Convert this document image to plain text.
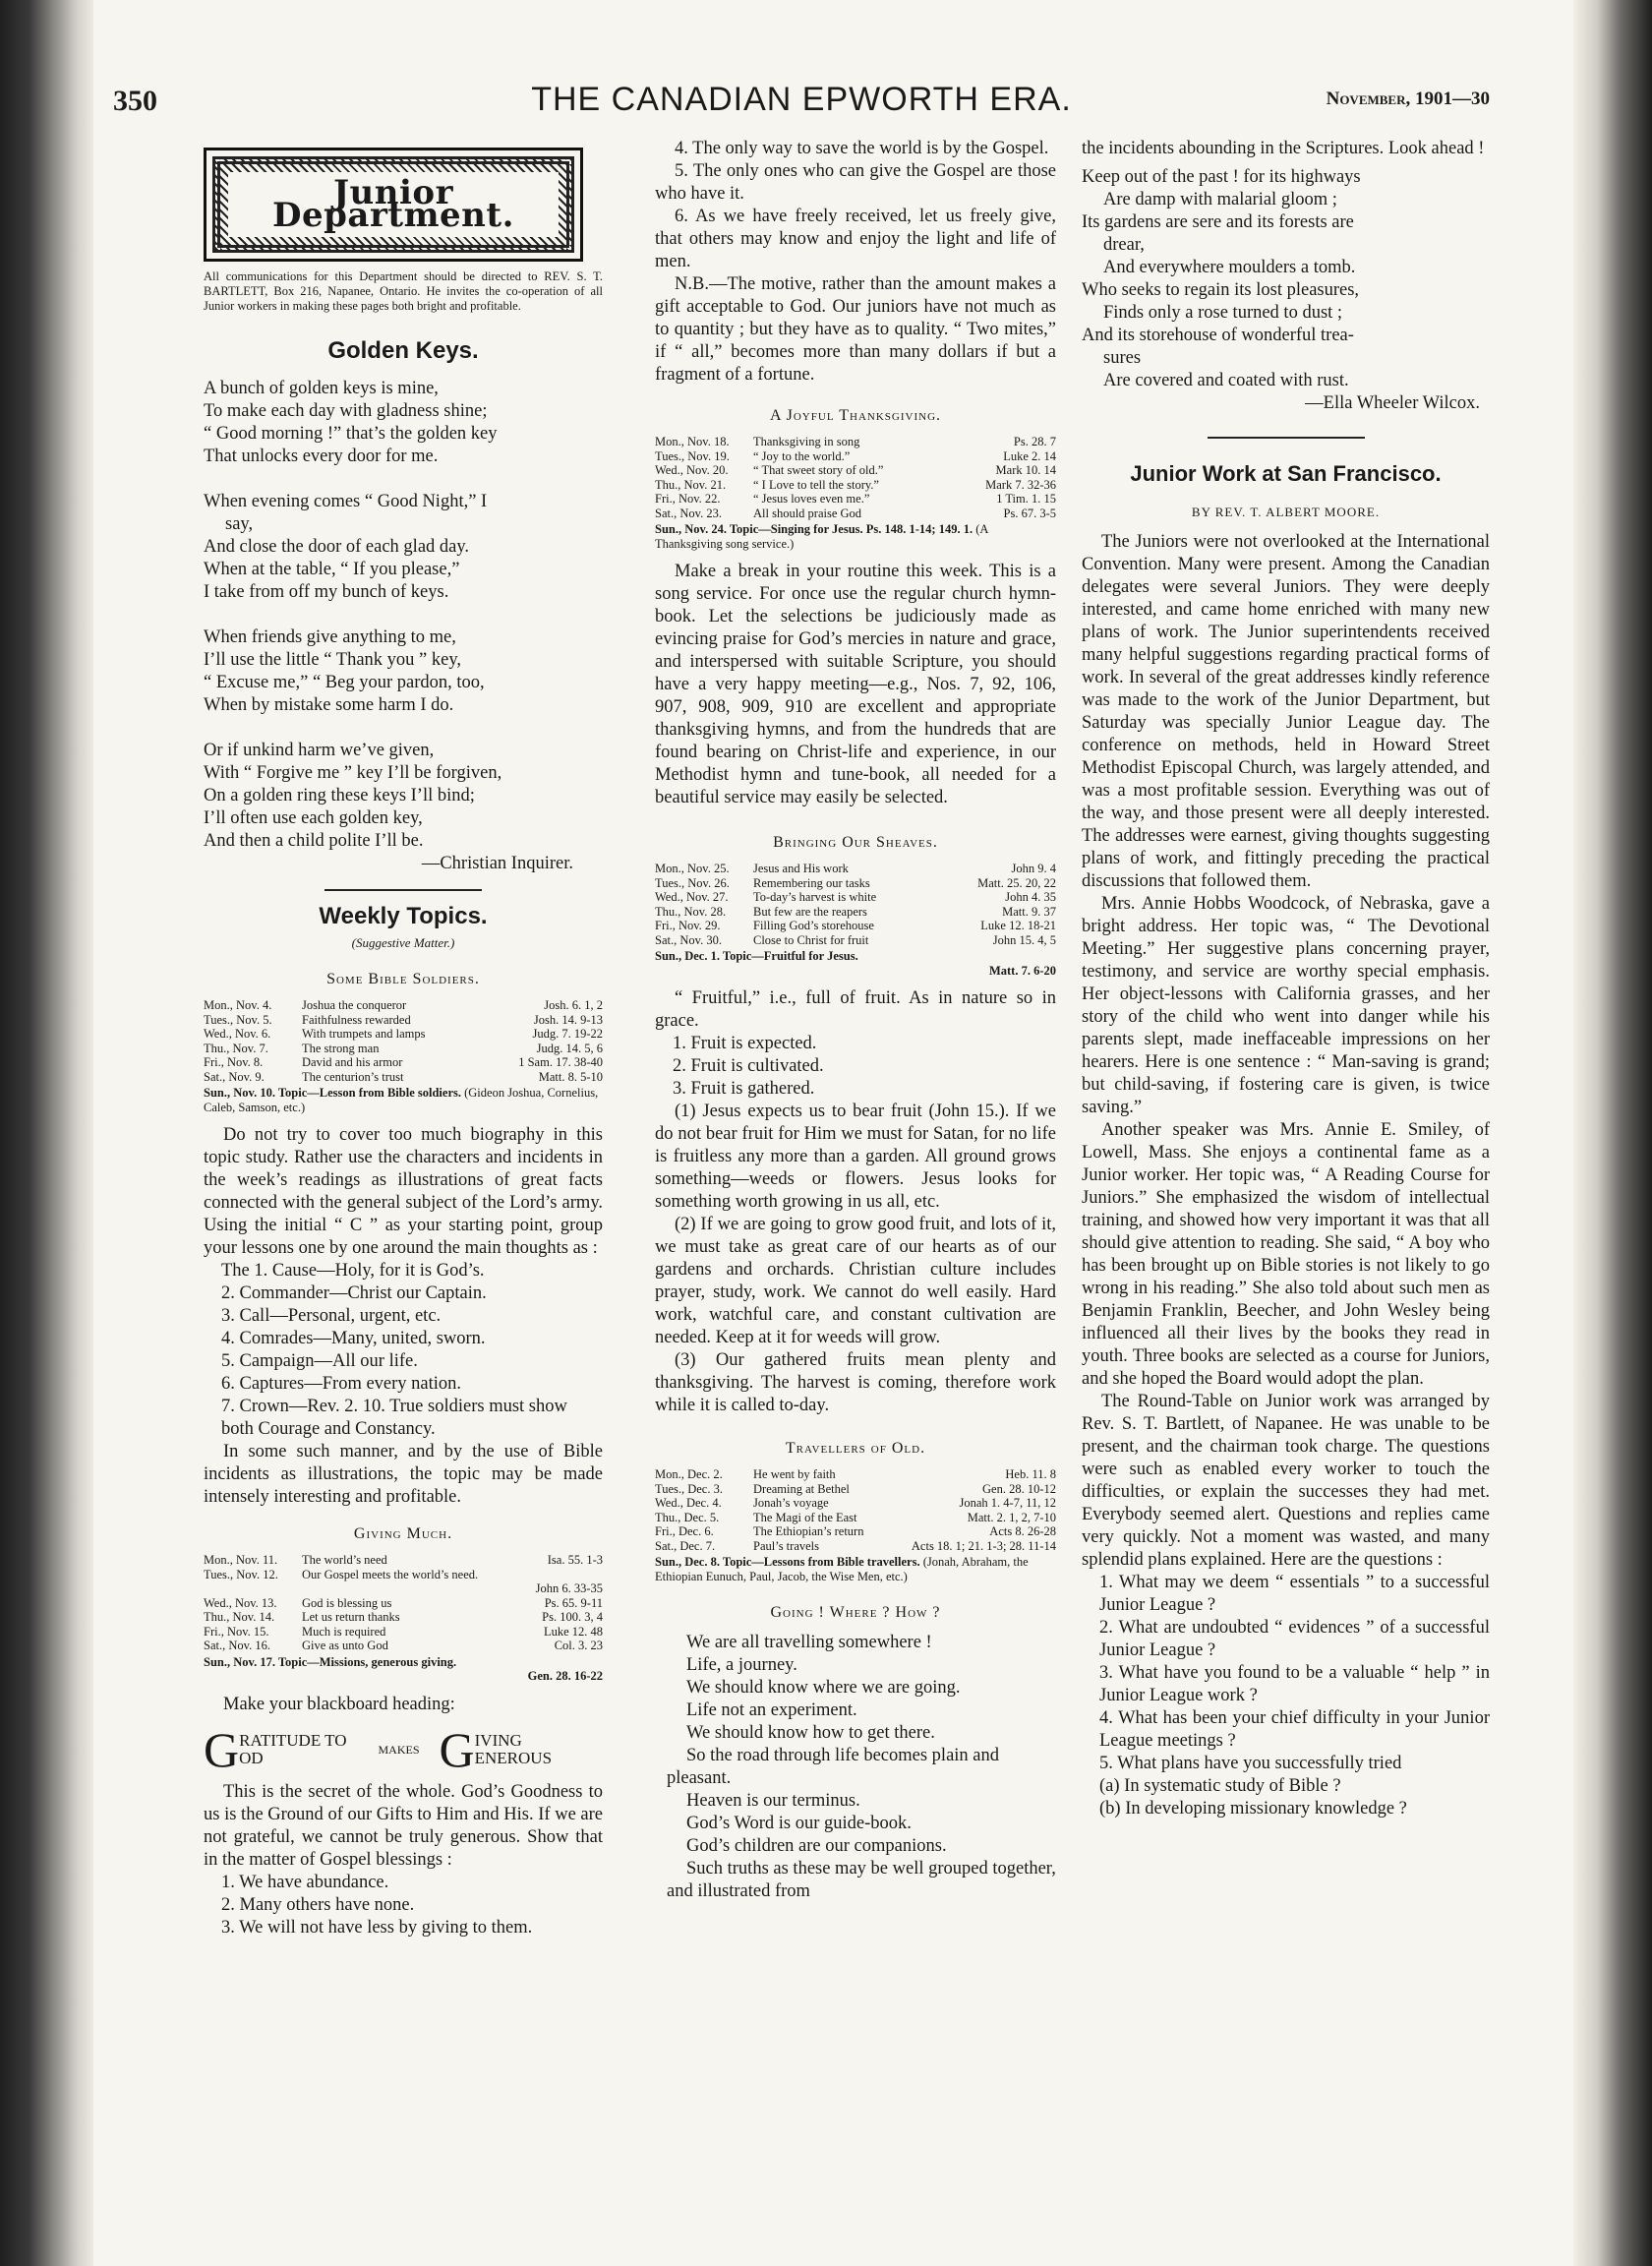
350	THE CANADIAN EPWORTH ERA.	November, 1901—30
Junior Department.
All communications for this Department should be directed to REV. S. T. BARTLETT, Box 216, Napanee, Ontario. He invites the co-operation of all Junior workers in making these pages both bright and profitable.
Golden Keys.

A bunch of golden keys is mine,

To make each day with gladness shine;

“ Good morning !” that’s the golden key

That unlocks every door for me.

When evening comes “ Good Night,” I

say,

And close the door of each glad day.

When at the table, “ If you please,”

I take from off my bunch of keys.

When friends give anything to me,

I’ll use the little “ Thank you ” key,

“ Excuse me,” “ Beg your pardon, too,

When by mistake some harm I do.

Or if unkind harm we’ve given,

With “ Forgive me ” key I’ll be forgiven,

On a golden ring these keys I’ll bind;

I’ll often use each golden key,

And then a child polite I’ll be.

—Christian Inquirer.

Weekly Topics.
(Suggestive Matter.)
Some Bible Soldiers.
Mon., Nov. 4.	Joshua the conqueror	Josh. 6. 1, 2
Tues., Nov. 5.	Faithfulness rewarded	Josh. 14. 9-13
Wed., Nov. 6.	With trumpets and lamps	Judg. 7. 19-22
Thu., Nov. 7.	The strong man	Judg. 14. 5, 6
Fri., Nov. 8.	David and his armor	1 Sam. 17. 38-40
Sat., Nov. 9.	The centurion’s trust	Matt. 8. 5-10
Sun., Nov. 10. Topic—Lesson from Bible soldiers. (Gideon Joshua, Cornelius, Caleb, Samson, etc.)

Do not try to cover too much biography in this topic study. Rather use the characters and incidents in the week’s readings as illustrations of great facts connected with the general subject of the Lord’s army. Using the initial “ C ” as your starting point, group your lessons one by one around the main thoughts as :

The 1. Cause—Holy, for it is God’s.

2. Commander—Christ our Captain.

3. Call—Personal, urgent, etc.

4. Comrades—Many, united, sworn.

5. Campaign—All our life.

6. Captures—From every nation.

7. Crown—Rev. 2. 10. True soldiers must show both Courage and Constancy.

In some such manner, and by the use of Bible incidents as illustrations, the topic may be made intensely interesting and profitable.

Giving Much.
Mon., Nov. 11.	The world’s need	Isa. 55. 1-3
Tues., Nov. 12.	Our Gospel meets the world’s need.
John 6. 33-35
Wed., Nov. 13.	God is blessing us	Ps. 65. 9-11
Thu., Nov. 14.	Let us return thanks	Ps. 100. 3, 4
Fri., Nov. 15.	Much is required	Luke 12. 48
Sat., Nov. 16.	Give as unto God	Col. 3. 23
Sun., Nov. 17. Topic—Missions, generous giving.
Gen. 28. 16-22

Make your blackboard heading:

G RATITUDE TO
OD	MAKES G IVING
ENEROUS

This is the secret of the whole. God’s Goodness to us is the Ground of our Gifts to Him and His. If we are not grateful, we cannot be truly generous. Show that in the matter of Gospel blessings :

1. We have abundance.

2. Many others have none.

3. We will not have less by giving to them.

4. The only way to save the world is by the Gospel.

5. The only ones who can give the Gospel are those who have it.

6. As we have freely received, let us freely give, that others may know and enjoy the light and life of men.

N.B.—The motive, rather than the amount makes a gift acceptable to God. Our juniors have not much as to quantity ; but they have as to quality. “ Two mites,” if “ all,” becomes more than many dollars if but a fragment of a fortune.

A Joyful Thanksgiving.
Mon., Nov. 18.	Thanksgiving in song	Ps. 28. 7
Tues., Nov. 19.	“ Joy to the world.”	Luke 2. 14
Wed., Nov. 20.	“ That sweet story of old.”	Mark 10. 14
Thu., Nov. 21.	“ I Love to tell the story.”	Mark 7. 32-36
Fri., Nov. 22.	“ Jesus loves even me.”	1 Tim. 1. 15
Sat., Nov. 23.	All should praise God	Ps. 67. 3-5
Sun., Nov. 24. Topic—Singing for Jesus. Ps. 148. 1-14; 149. 1. (A Thanksgiving song service.)

Make a break in your routine this week. This is a song service. For once use the regular church hymn-book. Let the selections be judiciously made as evincing praise for God’s mercies in nature and grace, and interspersed with suitable Scripture, you should have a very happy meeting—e.g., Nos. 7, 92, 106, 907, 908, 909, 910 are excellent and appropriate thanksgiving hymns, and from the hundreds that are found bearing on Christ-life and experience, in our Methodist hymn and tune-book, all needed for a beautiful service may easily be selected.

Bringing Our Sheaves.
Mon., Nov. 25.	Jesus and His work	John 9. 4
Tues., Nov. 26.	Remembering our tasks	Matt. 25. 20, 22
Wed., Nov. 27.	To-day’s harvest is white	John 4. 35
Thu., Nov. 28.	But few are the reapers	Matt. 9. 37
Fri., Nov. 29.	Filling God’s storehouse	Luke 12. 18-21
Sat., Nov. 30.	Close to Christ for fruit	John 15. 4, 5
Sun., Dec. 1. Topic—Fruitful for Jesus.
Matt. 7. 6-20

“ Fruitful,” i.e., full of fruit. As in nature so in grace.

1. Fruit is expected.

2. Fruit is cultivated.

3. Fruit is gathered.

(1) Jesus expects us to bear fruit (John 15.). If we do not bear fruit for Him we must for Satan, for no life is fruitless any more than a garden. All ground grows something—weeds or flowers. Jesus looks for something worth growing in us all, etc.

(2) If we are going to grow good fruit, and lots of it, we must take as great care of our hearts as of our gardens and orchards. Christian culture includes prayer, study, work. We cannot do well easily. Hard work, watchful care, and constant cultivation are needed. Keep at it for weeds will grow.

(3) Our gathered fruits mean plenty and thanksgiving. The harvest is coming, therefore work while it is called to-day.

Travellers of Old.
Mon., Dec. 2.	He went by faith	Heb. 11. 8
Tues., Dec. 3.	Dreaming at Bethel	Gen. 28. 10-12
Wed., Dec. 4.	Jonah’s voyage	Jonah 1. 4-7, 11, 12
Thu., Dec. 5.	The Magi of the East	Matt. 2. 1, 2, 7-10
Fri., Dec. 6.	The Ethiopian’s return	Acts 8. 26-28
Sat., Dec. 7.	Paul’s travels	Acts 18. 1; 21. 1-3; 28. 11-14
Sun., Dec. 8. Topic—Lessons from Bible travellers. (Jonah, Abraham, the Ethiopian Eunuch, Paul, Jacob, the Wise Men, etc.)
Going ! Where ? How ?

We are all travelling somewhere !

Life, a journey.

We should know where we are going.

Life not an experiment.

We should know how to get there.

So the road through life becomes plain and pleasant.

Heaven is our terminus.

God’s Word is our guide-book.

God’s children are our companions.

Such truths as these may be well grouped together, and illustrated from

the incidents abounding in the Scriptures. Look ahead !

Keep out of the past ! for its highways

Are damp with malarial gloom ;

Its gardens are sere and its forests are

drear,

And everywhere moulders a tomb.

Who seeks to regain its lost pleasures,

Finds only a rose turned to dust ;

And its storehouse of wonderful trea-

sures

Are covered and coated with rust.

—Ella Wheeler Wilcox.

Junior Work at San Francisco.
BY REV. T. ALBERT MOORE.

The Juniors were not overlooked at the International Convention. Many were present. Among the Canadian delegates were several Juniors. They were deeply interested, and came home enriched with many new plans of work. The Junior superintendents received many helpful suggestions regarding practical forms of work. In several of the great addresses kindly reference was made to the work of the Junior Department, but Saturday was specially Junior League day. The conference on methods, held in Howard Street Methodist Episcopal Church, was largely attended, and was a most profitable session. Everything was out of the way, and those present were all deeply interested. The addresses were earnest, giving thoughts suggesting plans of work, and fittingly preceding the practical discussions that followed them.

Mrs. Annie Hobbs Woodcock, of Nebraska, gave a bright address. Her topic was, “ The Devotional Meeting.” Her suggestive plans concerning prayer, testimony, and service are worthy special emphasis. Her object-lessons with California grasses, and her story of the child who went into danger while his parents slept, made ineffaceable impressions on her hearers. Here is one sentence : “ Man-saving is grand; but child-saving, if fostering care is given, is twice saving.”

Another speaker was Mrs. Annie E. Smiley, of Lowell, Mass. She enjoys a continental fame as a Junior worker. Her topic was, “ A Reading Course for Juniors.” She emphasized the wisdom of intellectual training, and showed how very important it was that all should give attention to reading. She said, “ A boy who has been brought up on Bible stories is not likely to go wrong in his reading.” She also told about such men as Benjamin Franklin, Beecher, and John Wesley being influenced all their lives by the books they read in youth. Three books are selected as a course for Juniors, and she hoped the Board would adopt the plan.

The Round-Table on Junior work was arranged by Rev. S. T. Bartlett, of Napanee. He was unable to be present, and the chairman took charge. The questions were such as enabled every worker to touch the difficulties, or explain the successes they had met. Everybody seemed alert. Questions and replies came very quickly. Not a moment was wasted, and many splendid plans explained. Here are the questions :

1. What may we deem “ essentials ” to a successful Junior League ?

2. What are undoubted “ evidences ” of a successful Junior League ?

3. What have you found to be a valuable “ help ” in Junior League work ?

4. What has been your chief difficulty in your Junior League meetings ?

5. What plans have you successfully tried

(a) In systematic study of Bible ?

(b) In developing missionary knowledge ?
